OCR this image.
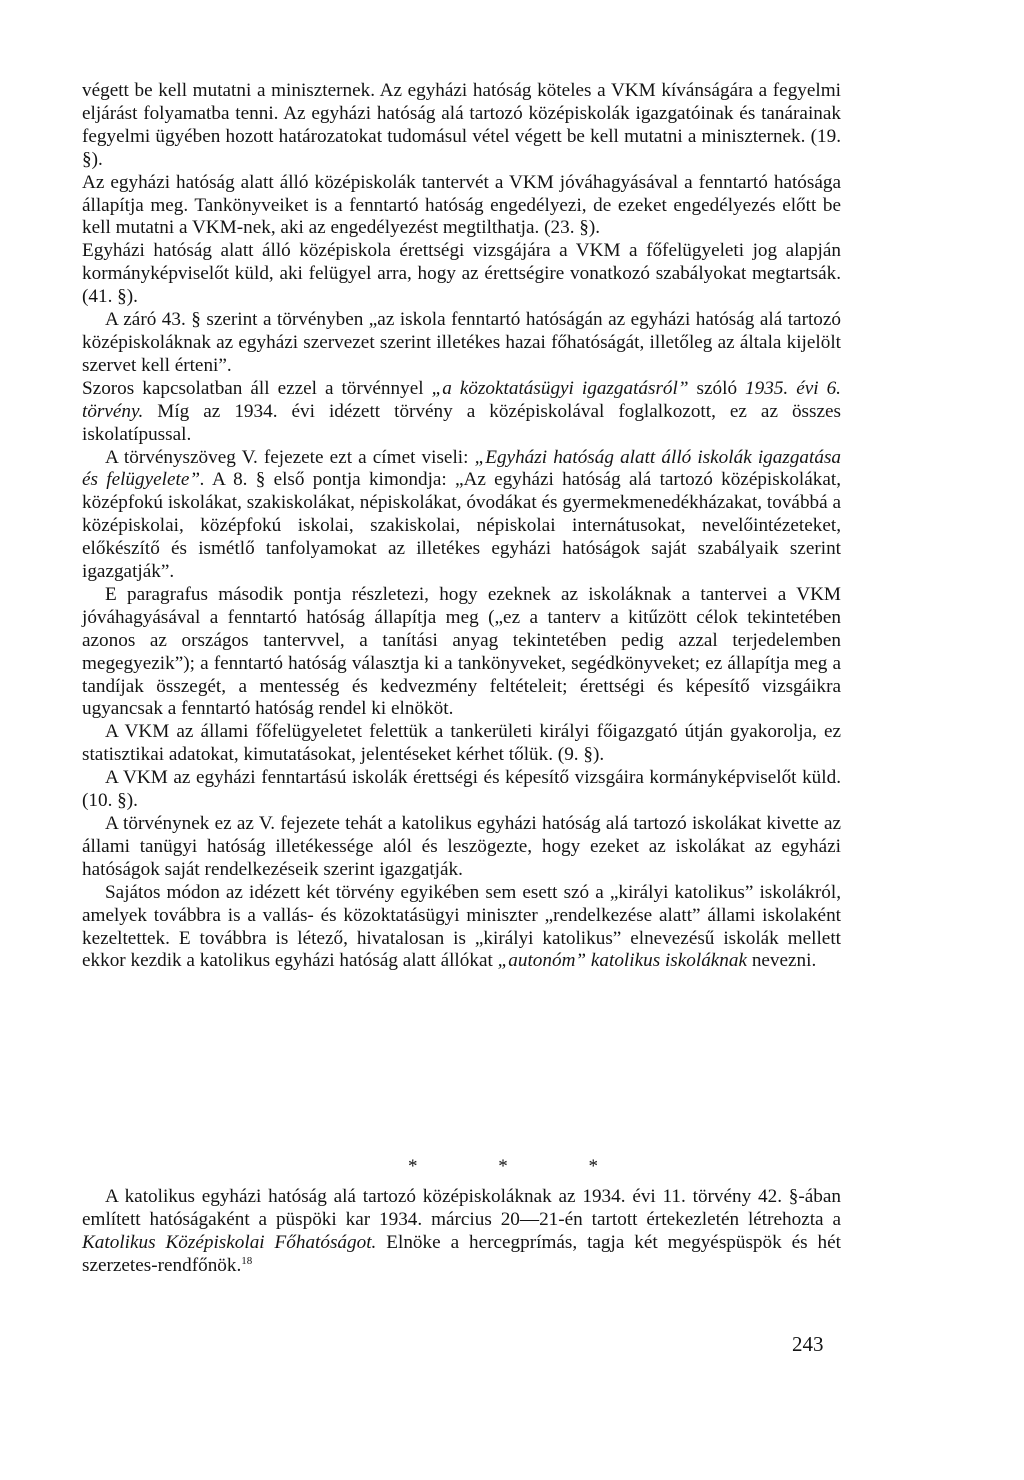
végett be kell mutatni a miniszternek. Az egyházi hatóság köteles a VKM kívánságára a fegyelmi eljárást folyamatba tenni. Az egyházi hatóság alá tartozó középiskolák igazgatóinak és tanárainak fegyelmi ügyében hozott határozatokat tudomásul vétel végett be kell mutatni a miniszternek. (19. §).

Az egyházi hatóság alatt álló középiskolák tantervét a VKM jóváhagyásával a fenntartó hatósága állapítja meg. Tankönyveiket is a fenntartó hatóság engedélyezi, de ezeket engedélyezés előtt be kell mutatni a VKM-nek, aki az engedélyezést megtilthatja. (23. §).

Egyházi hatóság alatt álló középiskola érettségi vizsgájára a VKM a főfelügyeleti jog alapján kormányképviselőt küld, aki felügyel arra, hogy az érettségire vonatkozó szabályokat megtartsák. (41. §).

A záró 43. § szerint a törvényben „az iskola fenntartó hatóságán az egyházi hatóság alá tartozó középiskoláknak az egyházi szervezet szerint illetékes hazai főhatóságát, illetőleg az általa kijelölt szervet kell érteni”.

Szoros kapcsolatban áll ezzel a törvénnyel „a közoktatásügyi igazgatásról” szóló 1935. évi 6. törvény. Míg az 1934. évi idézett törvény a középiskolával foglalkozott, ez az összes iskolatípussal.

A törvényszöveg V. fejezete ezt a címet viseli: „Egyházi hatóság alatt álló iskolák igazgatása és felügyelete”. A 8. § első pontja kimondja: „Az egyházi hatóság alá tartozó középiskolákat, középfokú iskolákat, szakiskolákat, népiskolákat, óvodákat és gyermekmenedékházakat, továbbá a középiskolai, középfokú iskolai, szakiskolai, népiskolai internátusokat, nevelőintézeteket, előkészítő és ismétlő tanfolyamokat az illetékes egyházi hatóságok saját szabályaik szerint igazgatják”.

E paragrafus második pontja részletezi, hogy ezeknek az iskoláknak a tantervei a VKM jóváhagyásával a fenntartó hatóság állapítja meg („ez a tanterv a kitűzött célok tekintetében azonos az országos tantervvel, a tanítási anyag tekintetében pedig azzal terjedelemben megegyezik”); a fenntartó hatóság választja ki a tankönyveket, segédkönyveket; ez állapítja meg a tandíjak összegét, a mentesség és kedvezmény feltételeit; érettségi és képesítő vizsgáikra ugyancsak a fenntartó hatóság rendel ki elnököt.

A VKM az állami főfelügyeletet felettük a tankerületi királyi főigazgató útján gyakorolja, ez statisztikai adatokat, kimutatásokat, jelentéseket kérhet tőlük. (9. §).

A VKM az egyházi fenntartású iskolák érettségi és képesítő vizsgáira kormányképviselőt küld. (10. §).

A törvénynek ez az V. fejezete tehát a katolikus egyházi hatóság alá tartozó iskolákat kivette az állami tanügyi hatóság illetékessége alól és leszögezte, hogy ezeket az iskolákat az egyházi hatóságok saját rendelkezéseik szerint igazgatják.

Sajátos módon az idézett két törvény egyikében sem esett szó a „királyi katolikus” iskolákról, amelyek továbbra is a vallás- és közoktatásügyi miniszter „rendelkezése alatt” állami iskolaként kezeltettek. E továbbra is létező, hivatalosan is „királyi katolikus” elnevezésű iskolák mellett ekkor kezdik a katolikus egyházi hatóság alatt állókat „autonóm” katolikus iskoláknak nevezni.

* * *

A katolikus egyházi hatóság alá tartozó középiskoláknak az 1934. évi 11. törvény 42. §-ában említett hatóságaként a püspöki kar 1934. március 20—21-én tartott értekezletén létrehozta a Katolikus Középiskolai Főhatóságot. Elnöke a hercegprímás, tagja két megyéspüspök és hét szerzetes-rendfőnök.$^{18}$

243
